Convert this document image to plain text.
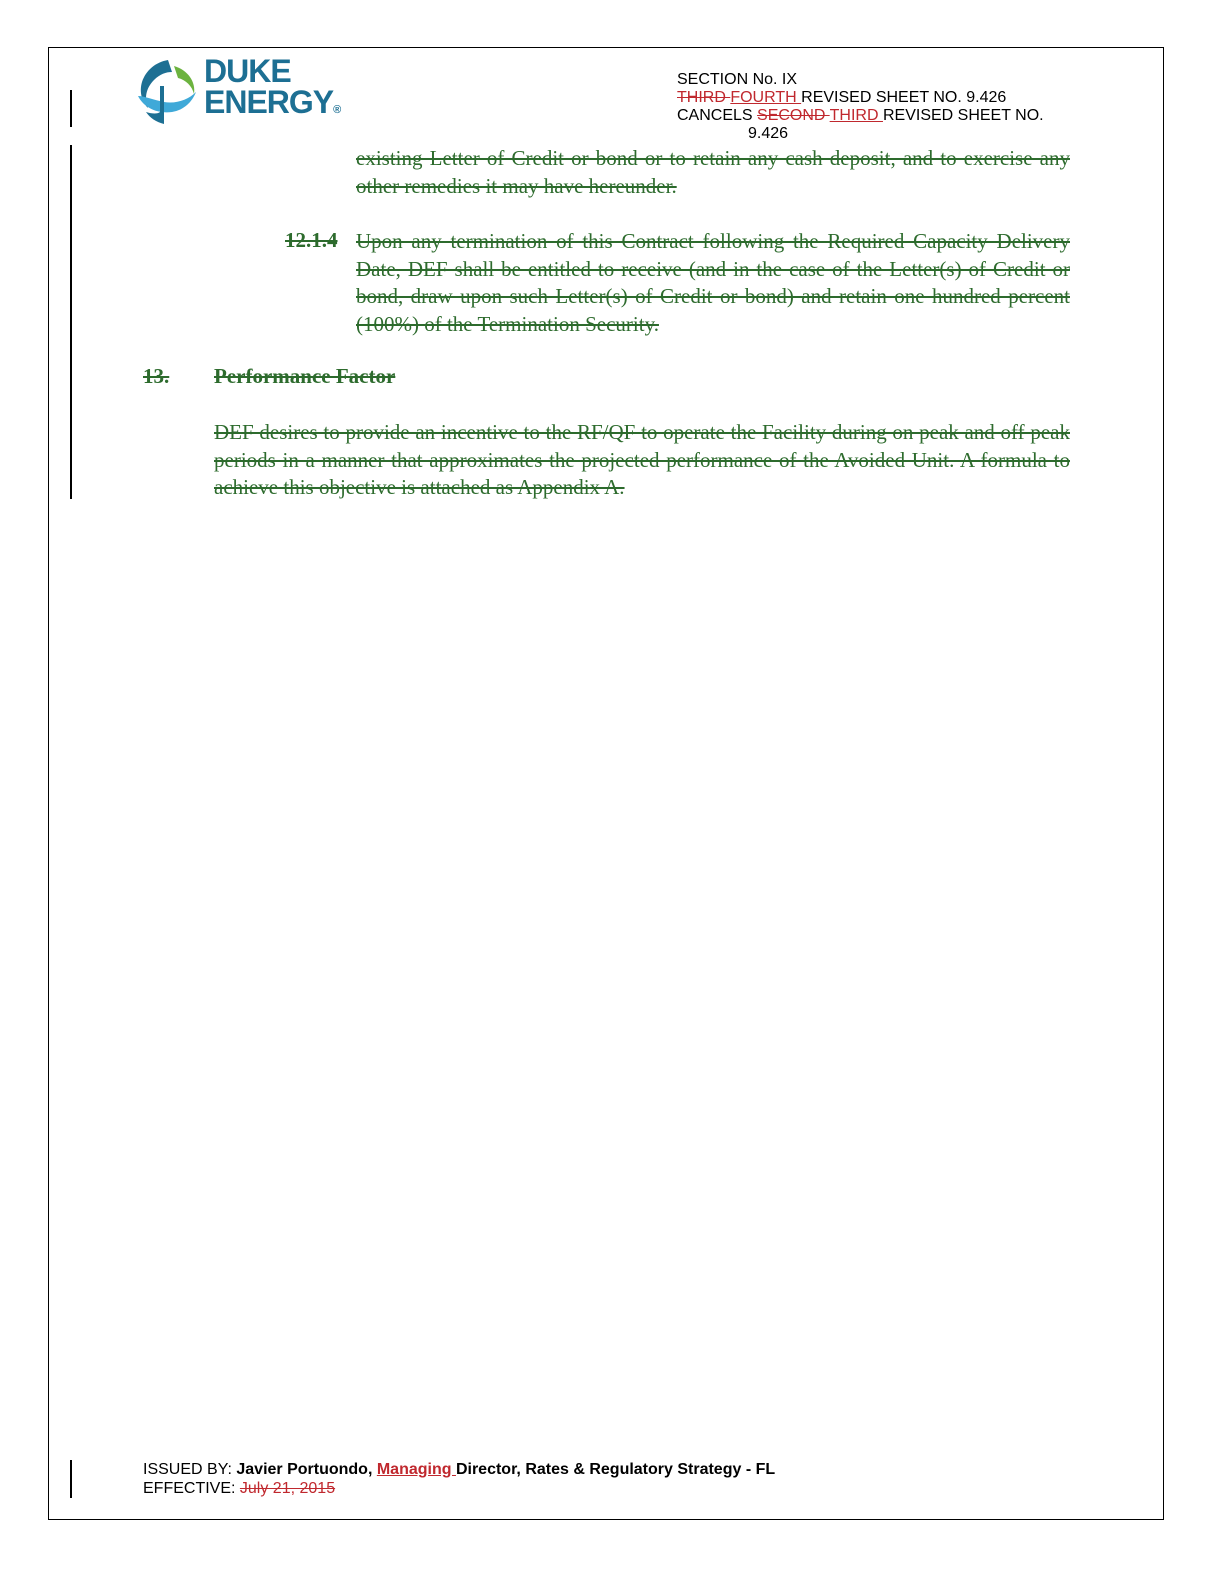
DUKE
ENERGY®
SECTION No. IX
THIRD FOURTH REVISED SHEET NO. 9.426
CANCELS SECOND THIRD REVISED SHEET NO.
9.426

existing Letter of Credit or bond or to retain any cash deposit, and to exercise any other remedies it may have hereunder.

12.1.4 Upon any termination of this Contract following the Required Capacity Delivery Date, DEF shall be entitled to receive (and in the case of the Letter(s) of Credit or bond, draw upon such Letter(s) of Credit or bond) and retain one hundred percent (100%) of the Termination Security.

13. Performance Factor

DEF desires to provide an incentive to the RF/QF to operate the Facility during on peak and off peak periods in a manner that approximates the projected performance of the Avoided Unit. A formula to achieve this objective is attached as Appendix A.

ISSUED BY: Javier Portuondo, Managing Director, Rates & Regulatory Strategy - FL
EFFECTIVE: July 21, 2015
